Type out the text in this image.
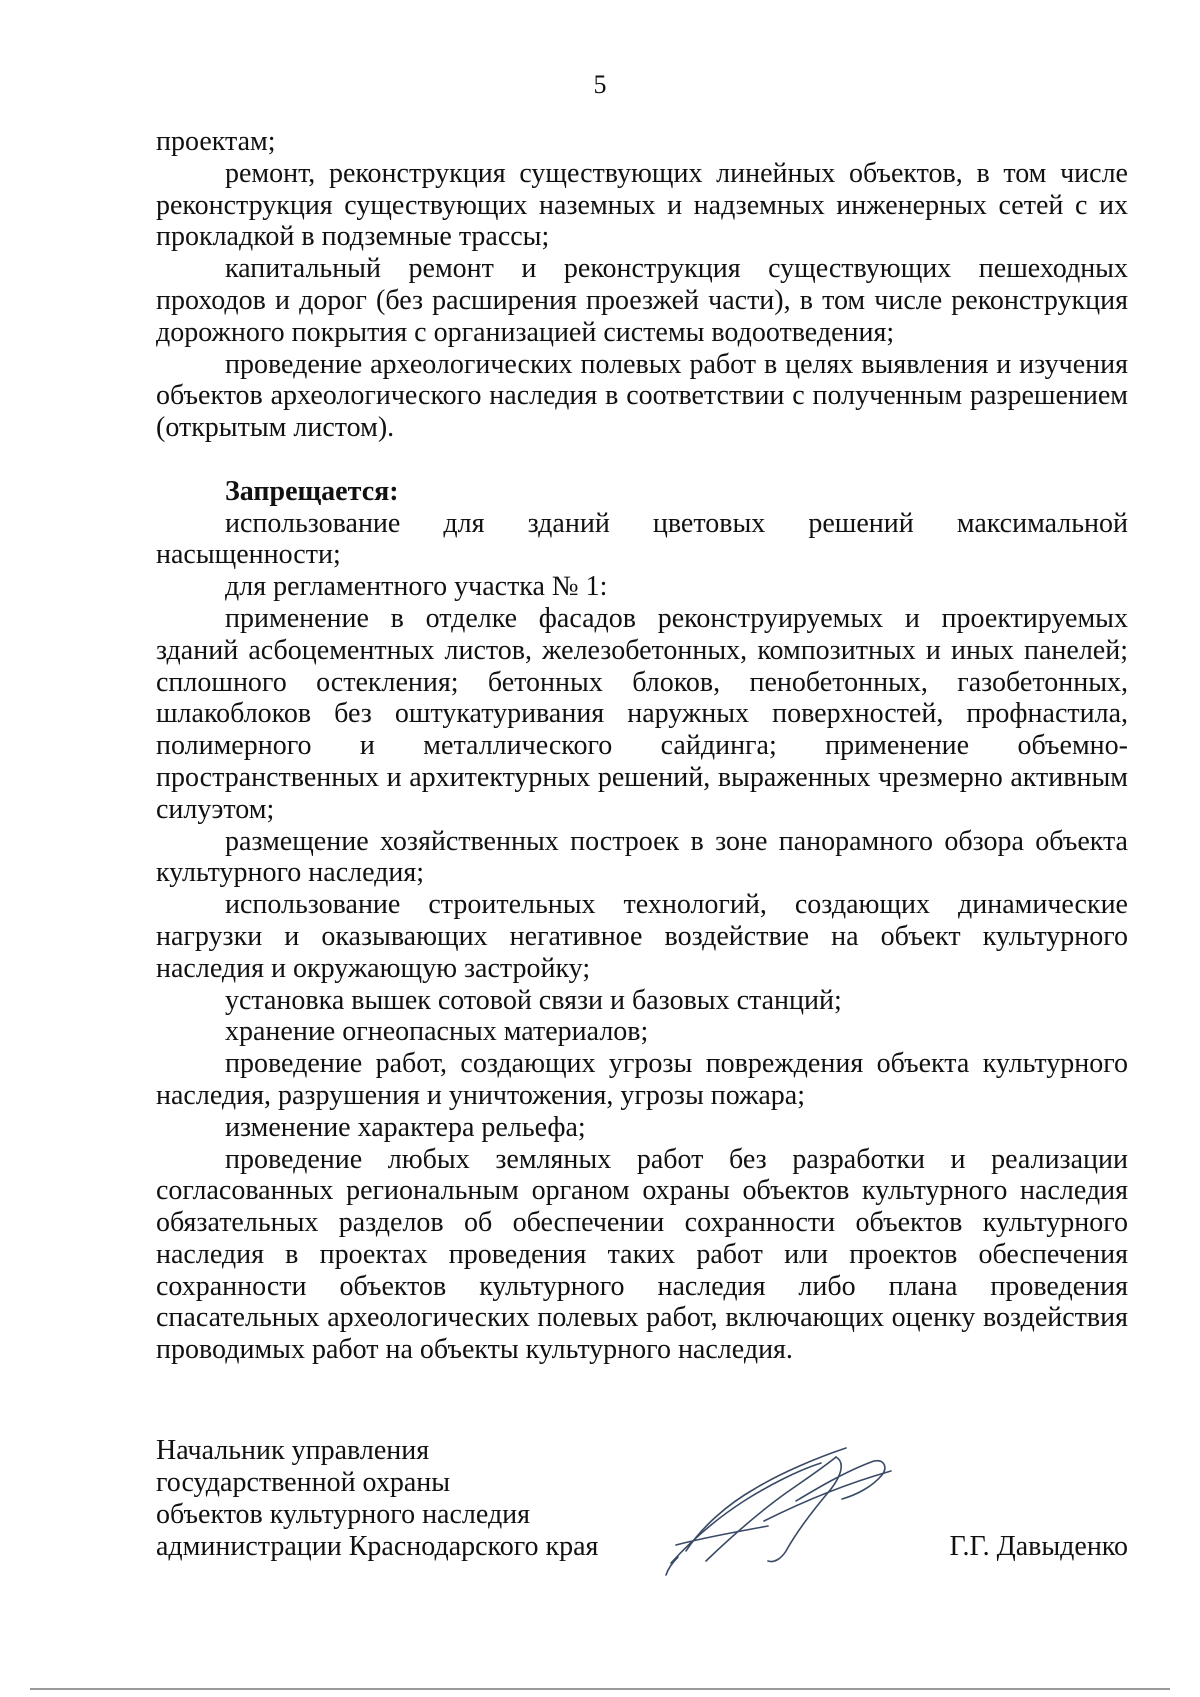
5

проектам;

ремонт, реконструкция существующих линейных объектов, в том числе реконструкция существующих наземных и надземных инженерных сетей с их прокладкой в подземные трассы;

капитальный ремонт и реконструкция существующих пешеходных проходов и дорог (без расширения проезжей части), в том числе реконструкция дорожного покрытия с организацией системы водоотведения;

проведение археологических полевых работ в целях выявления и изучения объектов археологического наследия в соответствии с полученным разрешением (открытым листом).

Запрещается:

использование для зданий цветовых решений максимальной насыщенности;

для регламентного участка № 1:

применение в отделке фасадов реконструируемых и проектируемых зданий асбоцементных листов, железобетонных, композитных и иных панелей; сплошного остекления; бетонных блоков, пенобетонных, газобетонных, шлакоблоков без оштукатуривания наружных поверхностей, профнастила, полимерного и металлического сайдинга; применение объемно-пространственных и архитектурных решений, выраженных чрезмерно активным силуэтом;

размещение хозяйственных построек в зоне панорамного обзора объекта культурного наследия;

использование строительных технологий, создающих динамические нагрузки и оказывающих негативное воздействие на объект культурного наследия и окружающую застройку;

установка вышек сотовой связи и базовых станций;

хранение огнеопасных материалов;

проведение работ, создающих угрозы повреждения объекта культурного наследия, разрушения и уничтожения, угрозы пожара;

изменение характера рельефа;

проведение любых земляных работ без разработки и реализации согласованных региональным органом охраны объектов культурного наследия обязательных разделов об обеспечении сохранности объектов культурного наследия в проектах проведения таких работ или проектов обеспечения сохранности объектов культурного наследия либо плана проведения спасательных археологических полевых работ, включающих оценку воздействия проводимых работ на объекты культурного наследия.

Начальник управления
государственной охраны
объектов культурного наследия
администрации Краснодарского края	Г.Г. Давыденко
